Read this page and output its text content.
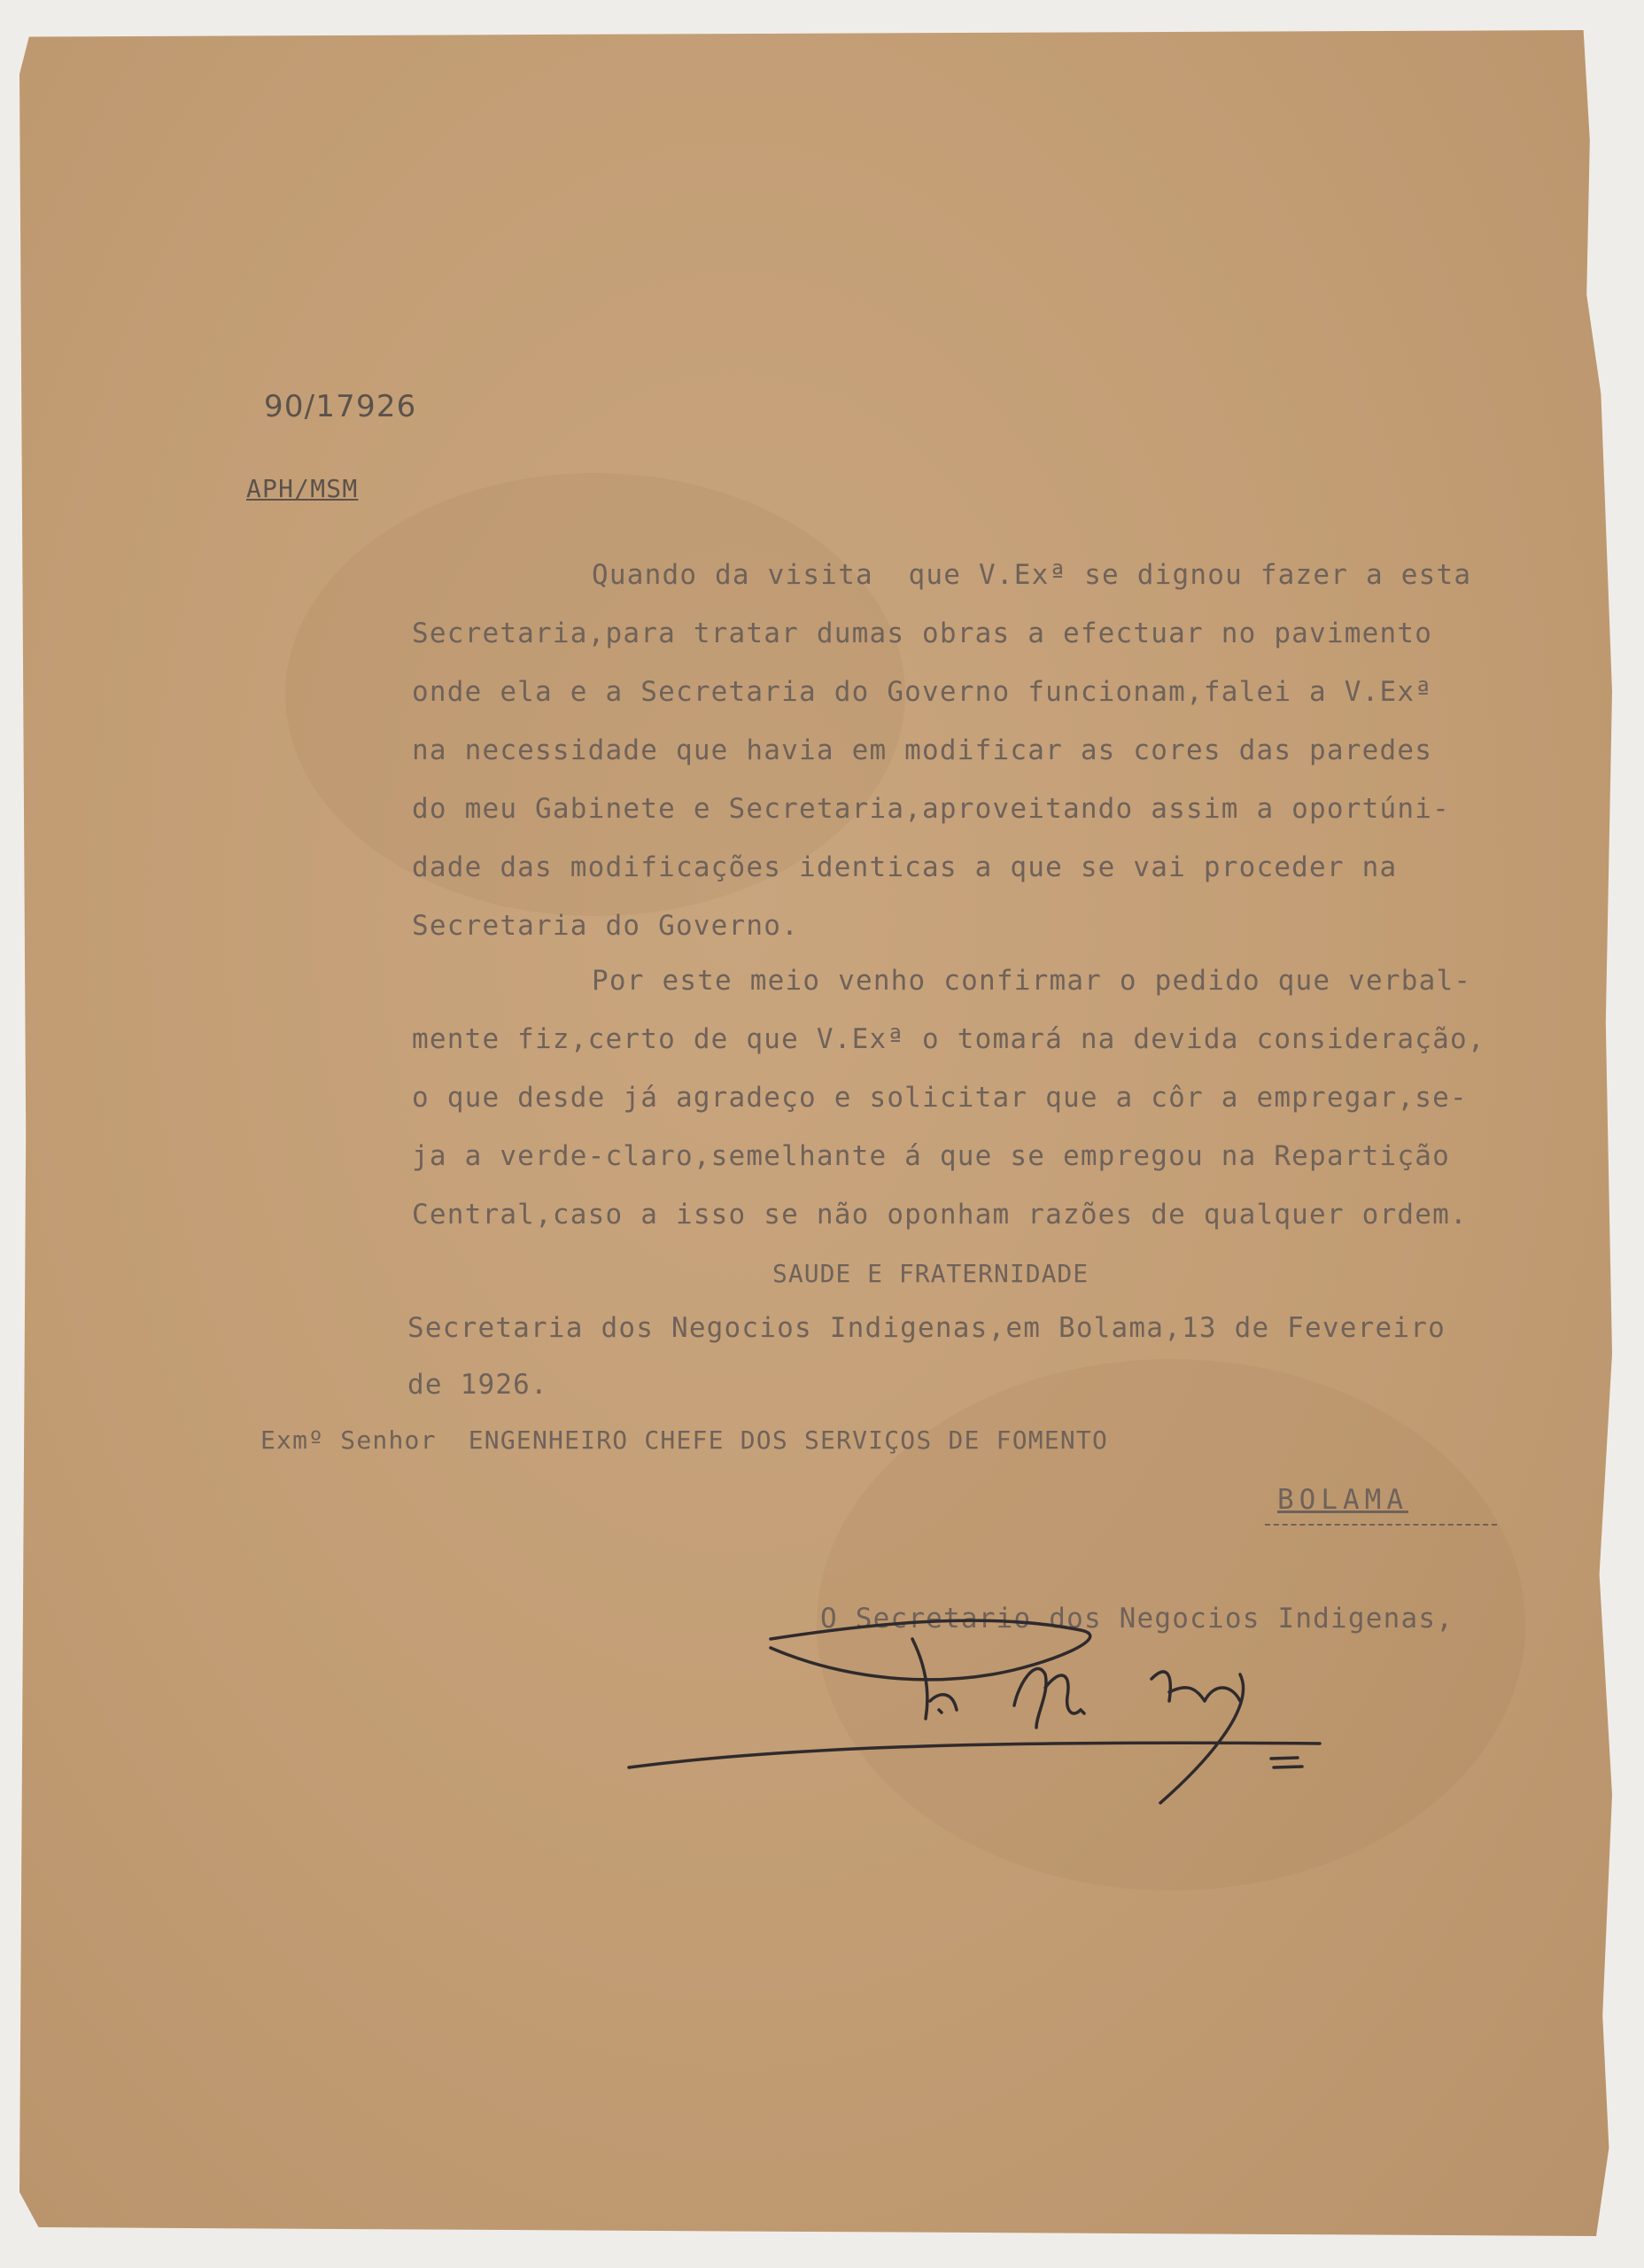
90/17926
APH/MSM
Quando da visita  que V.Exª se dignou fazer a esta
Secretaria,para tratar dumas obras a efectuar no pavimento
onde ela e a Secretaria do Governo funcionam,falei a V.Exª
na necessidade que havia em modificar as cores das paredes
do meu Gabinete e Secretaria,aproveitando assim a oportúni-
dade das modificações identicas a que se vai proceder na
Secretaria do Governo.
Por este meio venho confirmar o pedido que verbal-
mente fiz,certo de que V.Exª o tomará na devida consideração,
o que desde já agradeço e solicitar que a côr a empregar,se-
ja a verde-claro,semelhante á que se empregou na Repartição
Central,caso a isso se não oponham razões de qualquer ordem.
SAUDE E FRATERNIDADE
Secretaria dos Negocios Indigenas,em Bolama,13 de Fevereiro
de 1926.
Exmº Senhor  ENGENHEIRO CHEFE DOS SERVIÇOS DE FOMENTO
BOLAMA
O Secretario dos Negocios Indigenas,
